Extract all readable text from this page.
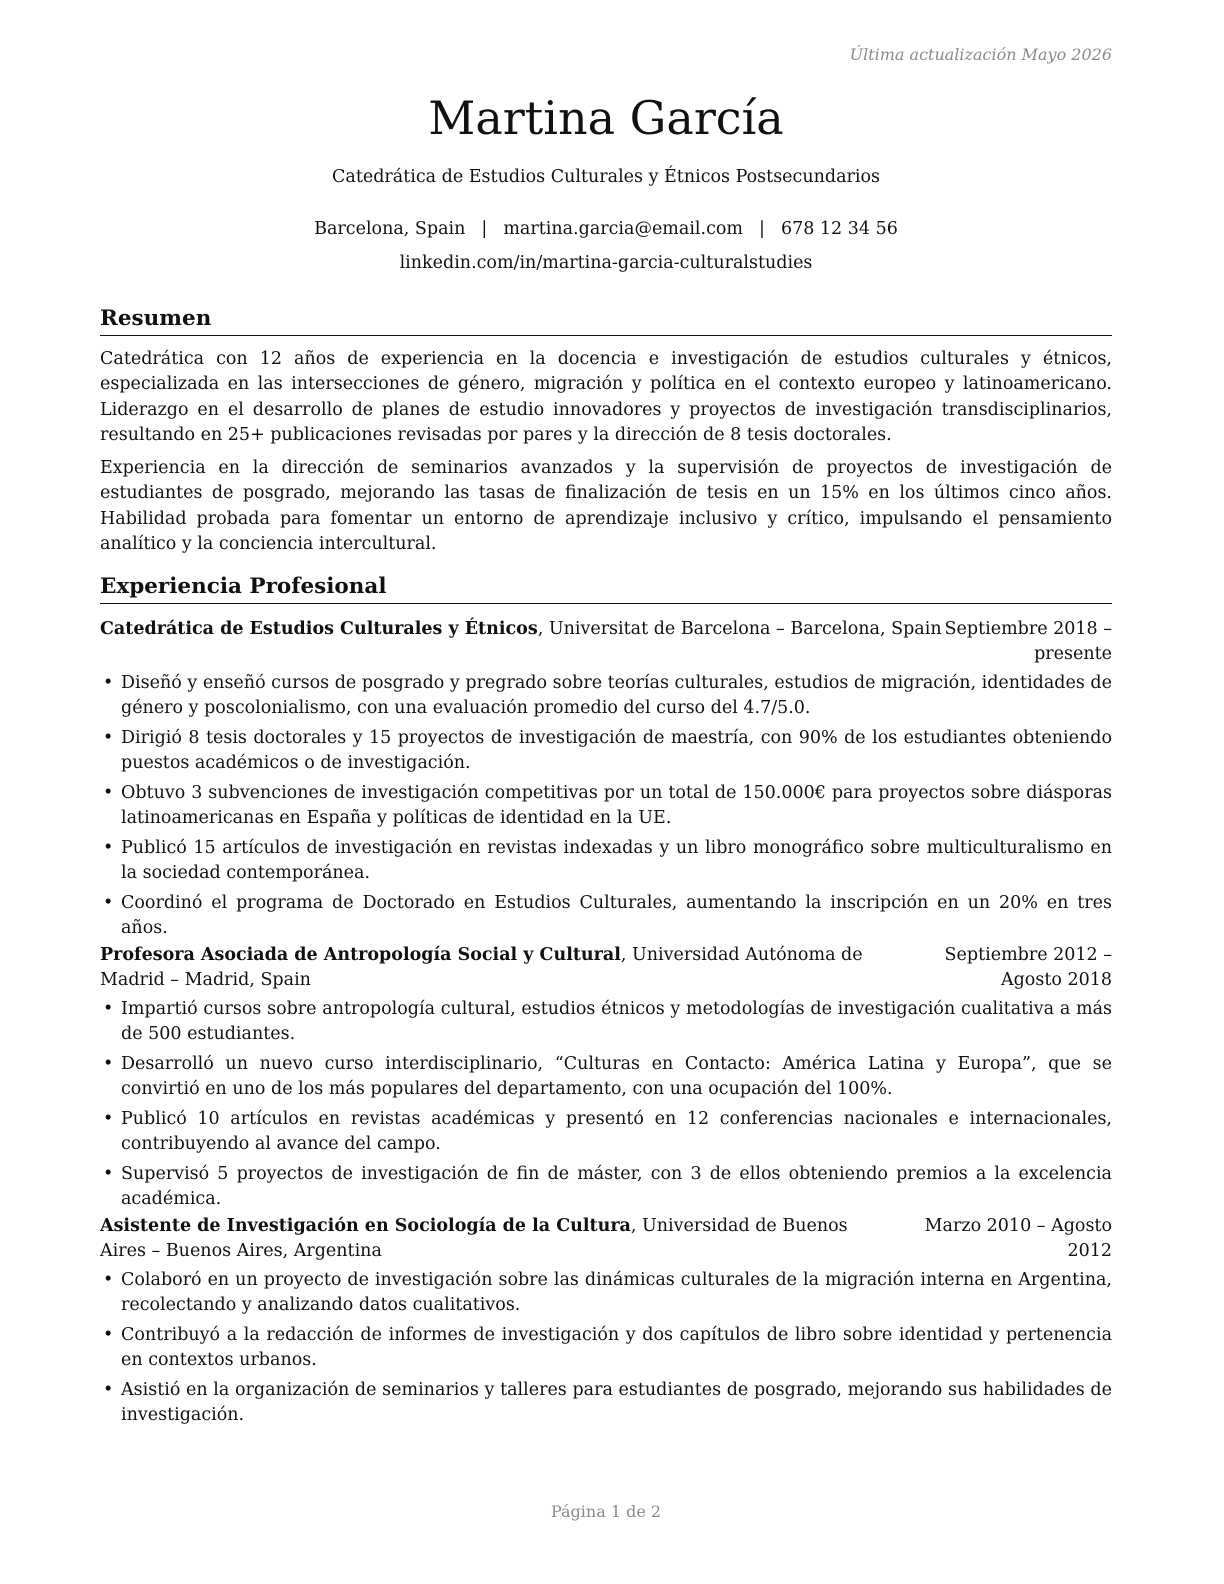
Última actualización Mayo 2026
Martina García
Catedrática de Estudios Culturales y Étnicos Postsecundarios
Barcelona, Spain | martina.garcia@email.com | 678 12 34 56
linkedin.com/in/martina-garcia-culturalstudies
Resumen

Catedrática con 12 años de experiencia en la docencia e investigación de estudios culturales y étnicos, especializada en las intersecciones de género, migración y política en el contexto europeo y latinoamericano. Liderazgo en el desarrollo de planes de estudio innovadores y proyectos de investigación transdisciplinarios, resultando en 25+ publicaciones revisadas por pares y la dirección de 8 tesis doctorales.

Experiencia en la dirección de seminarios avanzados y la supervisión de proyectos de investigación de estudiantes de posgrado, mejorando las tasas de finalización de tesis en un 15% en los últimos cinco años. Habilidad probada para fomentar un entorno de aprendizaje inclusivo y crítico, impulsando el pensamiento analítico y la conciencia intercultural.

Experiencia Profesional
Catedrática de Estudios Culturales y Étnicos, Universitat de Barcelona – Barcelona, Spain Septiembre 2018 – presente
• Diseñó y enseñó cursos de posgrado y pregrado sobre teorías culturales, estudios de migración, identidades de género y poscolonialismo, con una evaluación promedio del curso del 4.7/5.0.
• Dirigió 8 tesis doctorales y 15 proyectos de investigación de maestría, con 90% de los estudiantes obteniendo puestos académicos o de investigación.
• Obtuvo 3 subvenciones de investigación competitivas por un total de 150.000€ para proyectos sobre diásporas latinoamericanas en España y políticas de identidad en la UE.
• Publicó 15 artículos de investigación en revistas indexadas y un libro monográfico sobre multiculturalismo en la sociedad contemporánea.
• Coordinó el programa de Doctorado en Estudios Culturales, aumentando la inscripción en un 20% en tres años.
Profesora Asociada de Antropología Social y Cultural, Universidad Autónoma de Madrid – Madrid, Spain
Septiembre 2012 – Agosto 2018
• Impartió cursos sobre antropología cultural, estudios étnicos y metodologías de investigación cualitativa a más de 500 estudiantes.
• Desarrolló un nuevo curso interdisciplinario, “Culturas en Contacto: América Latina y Europa”, que se convirtió en uno de los más populares del departamento, con una ocupación del 100%.
• Publicó 10 artículos en revistas académicas y presentó en 12 conferencias nacionales e internacionales, contribuyendo al avance del campo.
• Supervisó 5 proyectos de investigación de fin de máster, con 3 de ellos obteniendo premios a la excelencia académica.
Asistente de Investigación en Sociología de la Cultura, Universidad de Buenos Aires – Buenos Aires, Argentina
Marzo 2010 – Agosto 2012
• Colaboró en un proyecto de investigación sobre las dinámicas culturales de la migración interna en Argentina, recolectando y analizando datos cualitativos.
• Contribuyó a la redacción de informes de investigación y dos capítulos de libro sobre identidad y pertenencia en contextos urbanos.
• Asistió en la organización de seminarios y talleres para estudiantes de posgrado, mejorando sus habilidades de investigación.
Página 1 de 2
